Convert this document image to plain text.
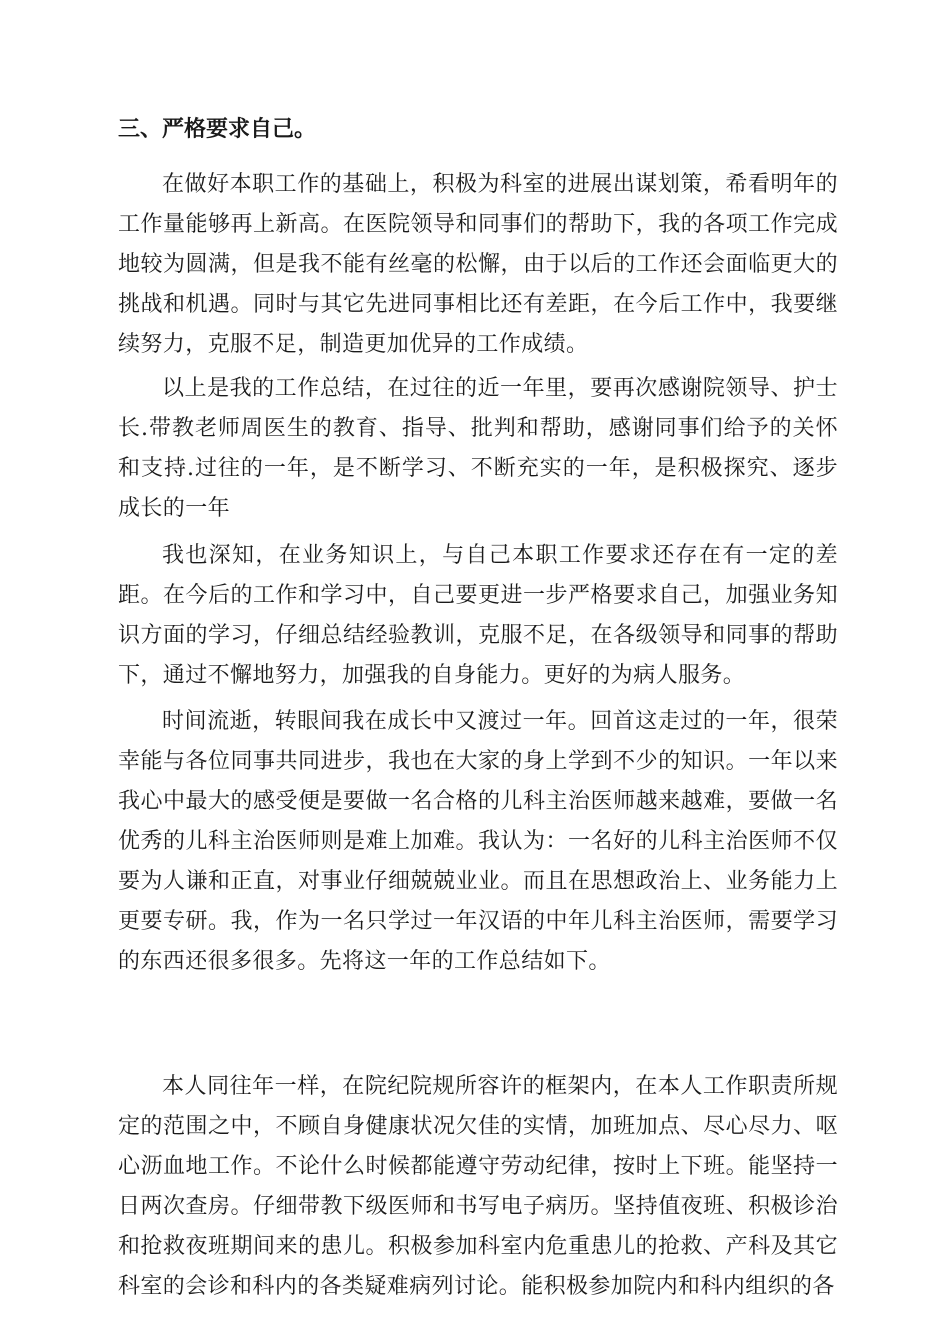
三、严格要求自己。

在做好本职工作的基础上，积极为科室的进展出谋划策，希看明年的工作量能够再上新高。在医院领导和同事们的帮助下，我的各项工作完成地较为圆满，但是我不能有丝毫的松懈，由于以后的工作还会面临更大的挑战和机遇。同时与其它先进同事相比还有差距，在今后工作中，我要继续努力，克服不足，制造更加优异的工作成绩。

以上是我的工作总结，在过往的近一年里，要再次感谢院领导、护士长.带教老师周医生的教育、指导、批判和帮助，感谢同事们给予的关怀和支持.过往的一年，是不断学习、不断充实的一年，是积极探究、逐步成长的一年

我也深知，在业务知识上，与自己本职工作要求还存在有一定的差距。在今后的工作和学习中，自己要更进一步严格要求自己，加强业务知识方面的学习，仔细总结经验教训，克服不足，在各级领导和同事的帮助下，通过不懈地努力，加强我的自身能力。更好的为病人服务。

时间流逝，转眼间我在成长中又渡过一年。回首这走过的一年，很荣幸能与各位同事共同进步，我也在大家的身上学到不少的知识。一年以来我心中最大的感受便是要做一名合格的儿科主治医师越来越难，要做一名优秀的儿科主治医师则是难上加难。我认为：一名好的儿科主治医师不仅要为人谦和正直，对事业仔细兢兢业业。而且在思想政治上、业务能力上更要专研。我，作为一名只学过一年汉语的中年儿科主治医师，需要学习的东西还很多很多。先将这一年的工作总结如下。

本人同往年一样，在院纪院规所容许的框架内，在本人工作职责所规定的范围之中，不顾自身健康状况欠佳的实情，加班加点、尽心尽力、呕心沥血地工作。不论什么时候都能遵守劳动纪律，按时上下班。能坚持一日两次查房。仔细带教下级医师和书写电子病历。坚持值夜班、积极诊治和抢救夜班期间来的患儿。积极参加科室内危重患儿的抢救、产科及其它科室的会诊和科内的各类疑难病列讨论。能积极参加院内和科内组织的各
